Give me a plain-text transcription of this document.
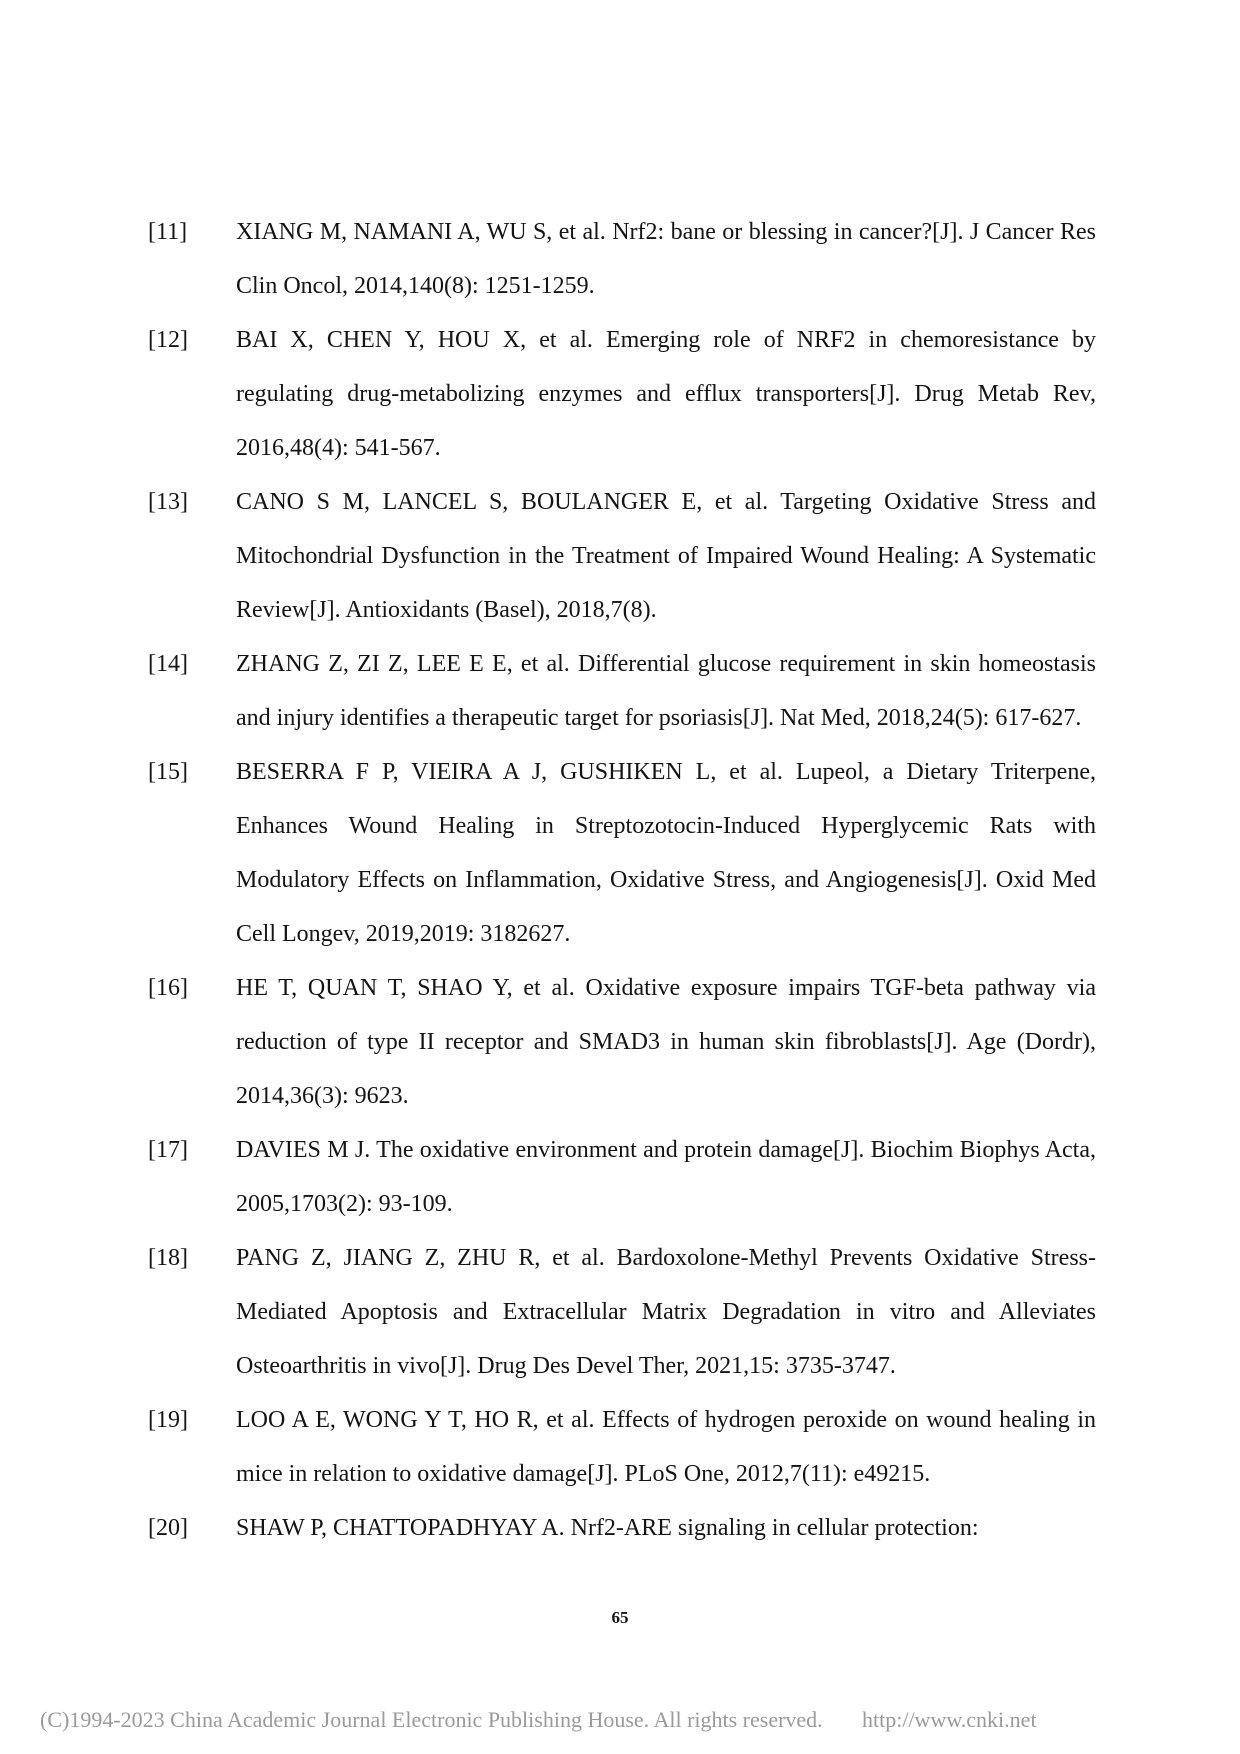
[11]	XIANG M, NAMANI A, WU S, et al. Nrf2: bane or blessing in cancer?[J]. J Cancer Res Clin Oncol, 2014,140(8): 1251-1259.
[12]	BAI X, CHEN Y, HOU X, et al. Emerging role of NRF2 in chemoresistance by regulating drug-metabolizing enzymes and efflux transporters[J]. Drug Metab Rev, 2016,48(4): 541-567.
[13]	CANO S M, LANCEL S, BOULANGER E, et al. Targeting Oxidative Stress and Mitochondrial Dysfunction in the Treatment of Impaired Wound Healing: A Systematic Review[J]. Antioxidants (Basel), 2018,7(8).
[14]	ZHANG Z, ZI Z, LEE E E, et al. Differential glucose requirement in skin homeostasis and injury identifies a therapeutic target for psoriasis[J]. Nat Med, 2018,24(5): 617-627.
[15]	BESERRA F P, VIEIRA A J, GUSHIKEN L, et al. Lupeol, a Dietary Triterpene, Enhances Wound Healing in Streptozotocin-Induced Hyperglycemic Rats with Modulatory Effects on Inflammation, Oxidative Stress, and Angiogenesis[J]. Oxid Med Cell Longev, 2019,2019: 3182627.
[16]	HE T, QUAN T, SHAO Y, et al. Oxidative exposure impairs TGF-beta pathway via reduction of type II receptor and SMAD3 in human skin fibroblasts[J]. Age (Dordr), 2014,36(3): 9623.
[17]	DAVIES M J. The oxidative environment and protein damage[J]. Biochim Biophys Acta, 2005,1703(2): 93-109.
[18]	PANG Z, JIANG Z, ZHU R, et al. Bardoxolone-Methyl Prevents Oxidative Stress-Mediated Apoptosis and Extracellular Matrix Degradation in vitro and Alleviates Osteoarthritis in vivo[J]. Drug Des Devel Ther, 2021,15: 3735-3747.
[19]	LOO A E, WONG Y T, HO R, et al. Effects of hydrogen peroxide on wound healing in mice in relation to oxidative damage[J]. PLoS One, 2012,7(11): e49215.
[20]	SHAW P, CHATTOPADHYAY A. Nrf2-ARE signaling in cellular protection:
65
(C)1994-2023 China Academic Journal Electronic Publishing House. All rights reserved. http://www.cnki.net
